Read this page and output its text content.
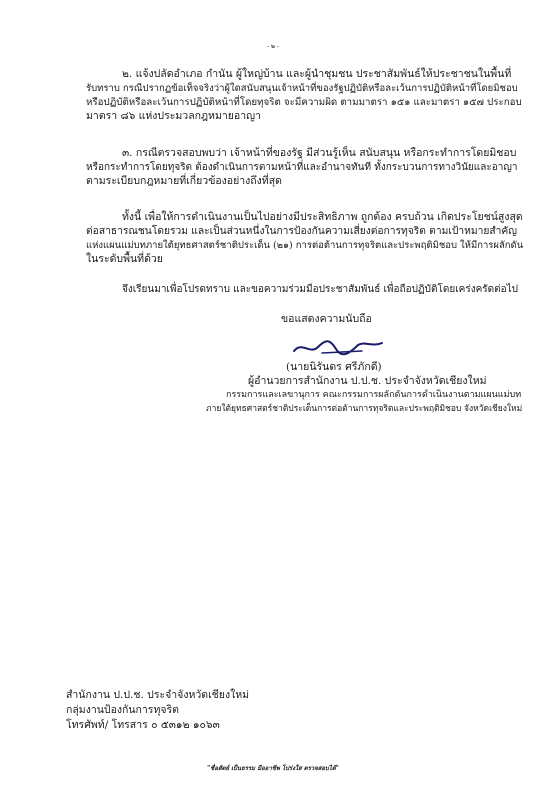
- ๒ -
๒. แจ้งปลัดอำเภอ กำนัน ผู้ใหญ่บ้าน และผู้นำชุมชน ประชาสัมพันธ์ให้ประชาชนในพื้นที่
รับทราบ กรณีปรากฏข้อเท็จจริงว่าผู้ใดสนับสนุนเจ้าหน้าที่ของรัฐปฏิบัติหรือละเว้นการปฏิบัติหน้าที่โดยมิชอบ
หรือปฏิบัติหรือละเว้นการปฏิบัติหน้าที่โดยทุจริต จะมีความผิด ตามมาตรา ๑๕๑ และมาตรา ๑๕๗ ประกอบ
มาตรา ๘๖ แห่งประมวลกฎหมายอาญา
๓. กรณีตรวจสอบพบว่า เจ้าหน้าที่ของรัฐ มีส่วนรู้เห็น สนับสนุน หรือกระทำการโดยมิชอบ
หรือกระทำการโดยทุจริต ต้องดำเนินการตามหน้าที่และอำนาจทันที ทั้งกระบวนการทางวินัยและอาญา
ตามระเบียบกฎหมายที่เกี่ยวข้องอย่างถึงที่สุด
ทั้งนี้ เพื่อให้การดำเนินงานเป็นไปอย่างมีประสิทธิภาพ ถูกต้อง ครบถ้วน เกิดประโยชน์สูงสุด
ต่อสาธารณชนโดยรวม และเป็นส่วนหนึ่งในการป้องกันความเสี่ยงต่อการทุจริต ตามเป้าหมายสำคัญ
แห่งแผนแม่บทภายใต้ยุทธศาสตร์ชาติประเด็น (๒๑) การต่อต้านการทุจริตและประพฤติมิชอบ ให้มีการผลักดัน
ในระดับพื้นที่ด้วย
จึงเรียนมาเพื่อโปรดทราบ และขอความร่วมมือประชาสัมพันธ์ เพื่อถือปฏิบัติโดยเคร่งครัดต่อไป
ขอแสดงความนับถือ
(นายนิรันดร ศรีภักดี)
ผู้อำนวยการสำนักงาน ป.ป.ช. ประจำจังหวัดเชียงใหม่
กรรมการและเลขานุการ คณะกรรมการผลักดันการดำเนินงานตามแผนแม่บท
ภายใต้ยุทธศาสตร์ชาติประเด็นการต่อต้านการทุจริตและประพฤติมิชอบ จังหวัดเชียงใหม่
สำนักงาน ป.ป.ช. ประจำจังหวัดเชียงใหม่
กลุ่มงานป้องกันการทุจริต
โทรศัพท์/ โทรสาร ๐ ๕๓๑๒ ๑๐๖๓
"ซื่อสัตย์ เป็นธรรม มืออาชีพ โปร่งใส ตรวจสอบได้"
